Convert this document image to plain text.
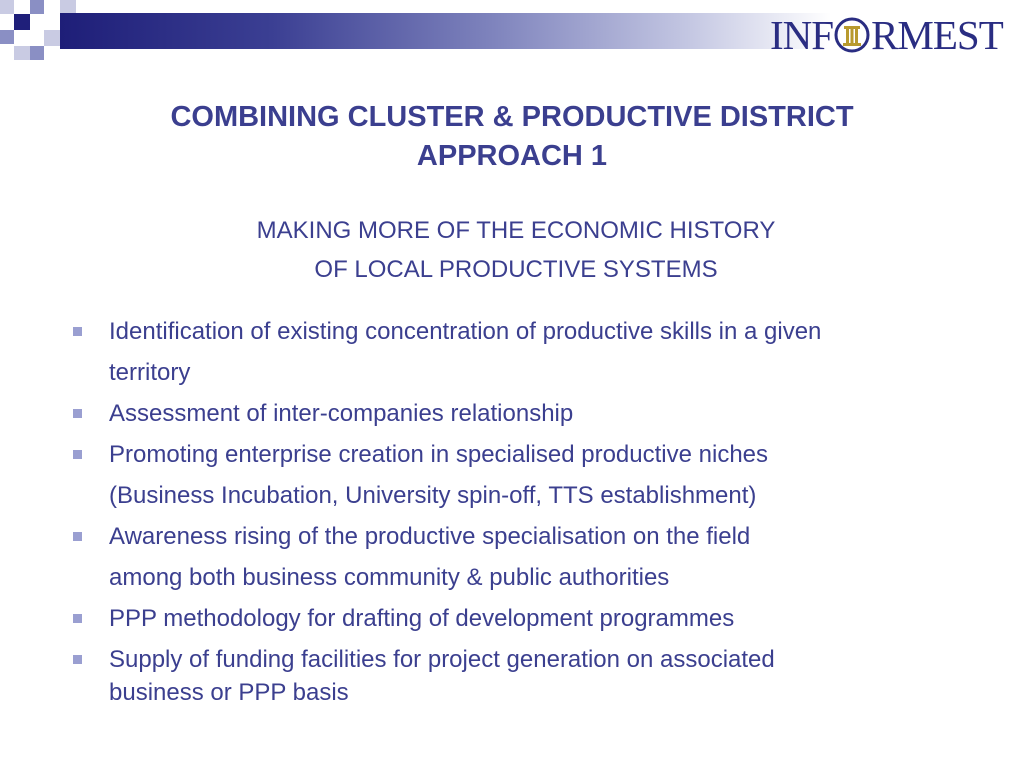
INF RMEST
COMBINING CLUSTER & PRODUCTIVE DISTRICT
APPROACH 1
MAKING MORE OF THE ECONOMIC HISTORY
OF LOCAL PRODUCTIVE SYSTEMS
Identification of existing concentration of productive skills in a given
territory
Assessment of inter-companies relationship
Promoting enterprise creation in specialised productive niches
(Business Incubation, University spin-off, TTS establishment)
Awareness rising of the productive specialisation on the field
among both business community & public authorities
PPP methodology for drafting of development programmes
Supply of funding facilities for project generation on associated
business or PPP basis
